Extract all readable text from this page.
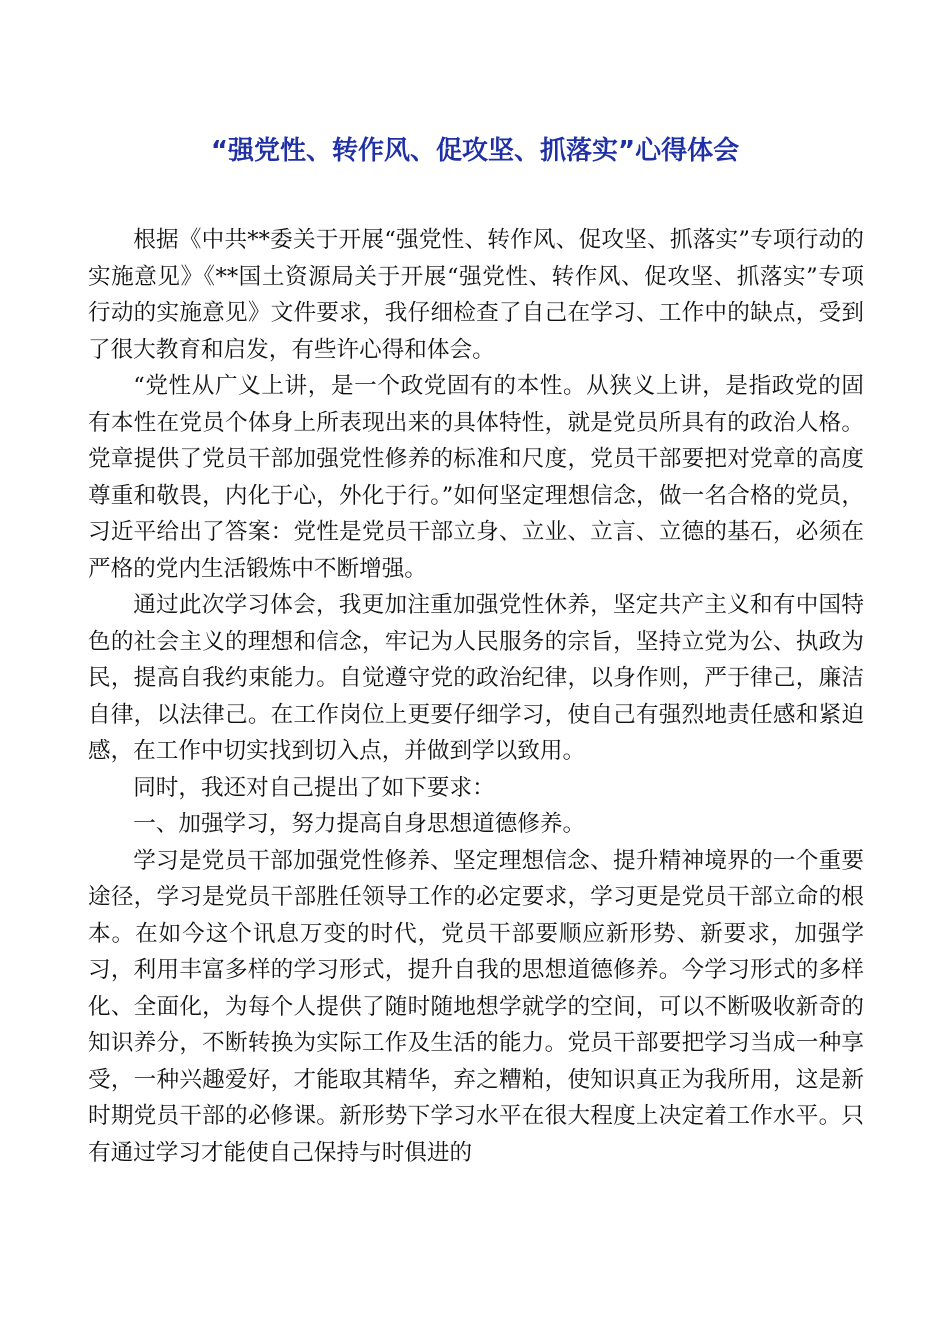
“强党性、转作风、促攻坚、抓落实”心得体会

根据《中共**委关于开展“强党性、转作风、促攻坚、抓落实”专项行动的实施意见》《**国土资源局关于开展“强党性、转作风、促攻坚、抓落实”专项行动的实施意见》文件要求，我仔细检查了自己在学习、工作中的缺点，受到了很大教育和启发，有些许心得和体会。

“党性从广义上讲，是一个政党固有的本性。从狭义上讲，是指政党的固有本性在党员个体身上所表现出来的具体特性，就是党员所具有的政治人格。党章提供了党员干部加强党性修养的标准和尺度，党员干部要把对党章的高度尊重和敬畏，内化于心，外化于行。”如何坚定理想信念，做一名合格的党员，习近平给出了答案：党性是党员干部立身、立业、立言、立德的基石，必须在严格的党内生活锻炼中不断增强。

通过此次学习体会，我更加注重加强党性休养，坚定共产主义和有中国特色的社会主义的理想和信念，牢记为人民服务的宗旨，坚持立党为公、执政为民，提高自我约束能力。自觉遵守党的政治纪律，以身作则，严于律己，廉洁自律，以法律己。在工作岗位上更要仔细学习，使自己有强烈地责任感和紧迫感，在工作中切实找到切入点，并做到学以致用。

同时，我还对自己提出了如下要求：

一、加强学习，努力提高自身思想道德修养。

学习是党员干部加强党性修养、坚定理想信念、提升精神境界的一个重要途径，学习是党员干部胜任领导工作的必定要求，学习更是党员干部立命的根本。在如今这个讯息万变的时代，党员干部要顺应新形势、新要求，加强学习，利用丰富多样的学习形式，提升自我的思想道德修养。今学习形式的多样化、全面化，为每个人提供了随时随地想学就学的空间，可以不断吸收新奇的知识养分，不断转换为实际工作及生活的能力。党员干部要把学习当成一种享受，一种兴趣爱好，才能取其精华，弃之糟粕，使知识真正为我所用，这是新时期党员干部的必修课。新形势下学习水平在很大程度上决定着工作水平。只有通过学习才能使自己保持与时俱进的
